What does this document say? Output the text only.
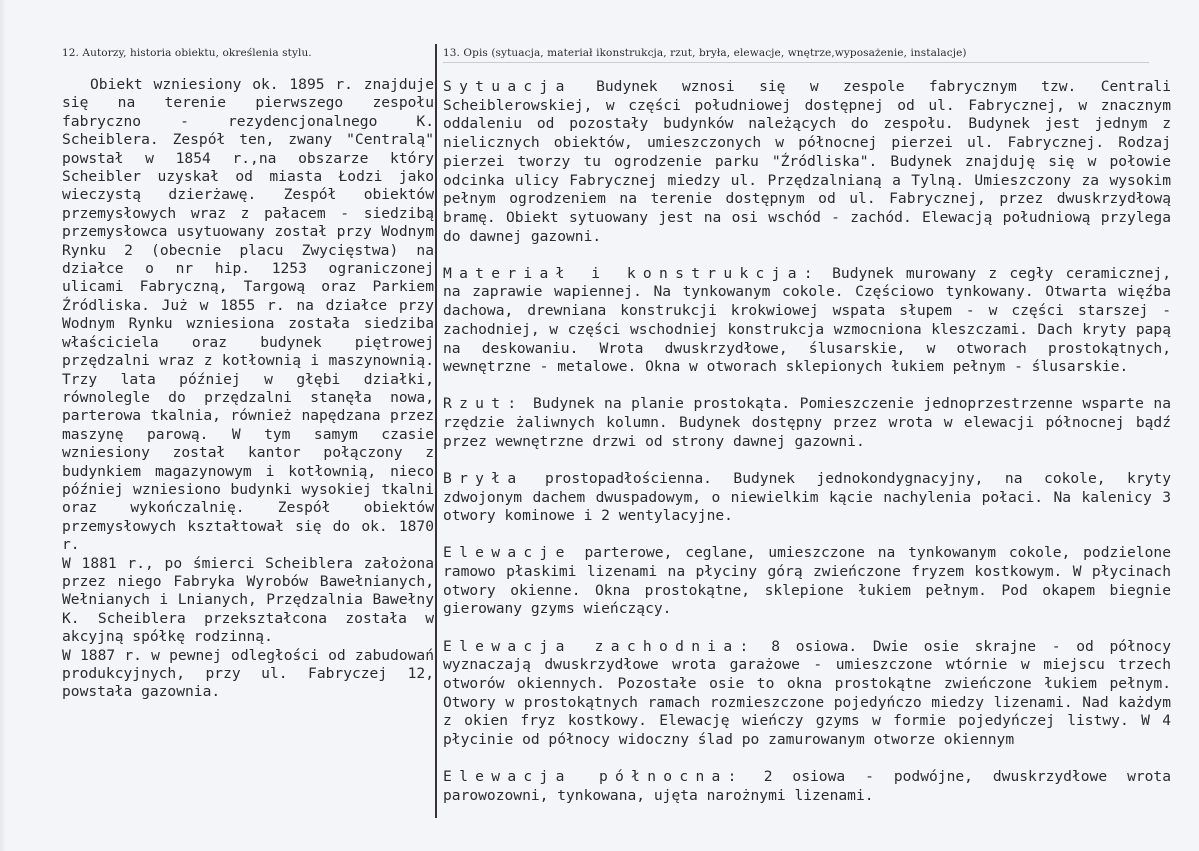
12. Autorzy, historia obiektu, określenia stylu.	13. Opis (sytuacja, materiał ikonstrukcja, rzut, bryła, elewacje, wnętrze,wyposażenie, instalacje)

Obiekt wzniesiony ok. 1895 r. znajduje się na terenie pierwszego zespołu fabryczno - rezydencjonalnego K. Scheiblera. Zespół ten, zwany "Centralą" powstał w 1854 r.,na obszarze który Scheibler uzyskał od miasta Łodzi jako wieczystą dzierżawę. Zespół obiektów przemysłowych wraz z pałacem - siedzibą przemysłowca usytuowany został przy Wodnym Rynku 2 (obecnie placu Zwycięstwa) na działce o nr hip. 1253 ograniczonej ulicami Fabryczną, Targową oraz Parkiem Źródliska. Już w 1855 r. na działce przy Wodnym Rynku wzniesiona została siedziba właściciela oraz budynek piętrowej przędzalni wraz z kotłownią i maszynownią. Trzy lata później w głębi działki, równolegle do przędzalni stanęła nowa, parterowa tkalnia, również napędzana przez maszynę parową. W tym samym czasie wzniesiony został kantor połączony z budynkiem magazynowym i kotłownią, nieco później wzniesiono budynki wysokiej tkalni oraz wykończalnię. Zespół obiektów przemysłowych kształtował się do ok. 1870 r.

W 1881 r., po śmierci Scheiblera założona przez niego Fabryka Wyrobów Bawełnianych, Wełnianych i Lnianych, Przędzalnia Bawełny K. Scheiblera przekształcona została w akcyjną spółkę rodzinną.

W 1887 r. w pewnej odległości od zabudowań produkcyjnych, przy ul. Fabryczej 12, powstała gazownia.

Sytuacja Budynek wznosi się w zespole fabrycznym tzw. Centrali Scheiblerowskiej, w części południowej dostępnej od ul. Fabrycznej, w znacznym oddaleniu od pozostały budynków należących do zespołu. Budynek jest jednym z nielicznych obiektów, umieszczonych w północnej pierzei ul. Fabrycznej. Rodzaj pierzei tworzy tu ogrodzenie parku "Źródliska". Budynek znajduję się w połowie odcinka ulicy Fabrycznej miedzy ul. Przędzalnianą a Tylną. Umieszczony za wysokim pełnym ogrodzeniem na terenie dostępnym od ul. Fabrycznej, przez dwuskrzydłową bramę. Obiekt sytuowany jest na osi wschód - zachód. Elewacją południową przylega do dawnej gazowni.

Materiał i konstrukcja: Budynek murowany z cegły ceramicznej, na zaprawie wapiennej. Na tynkowanym cokole. Częściowo tynkowany. Otwarta więźba dachowa, drewniana konstrukcji krokwiowej wspata słupem - w części starszej - zachodniej, w części wschodniej konstrukcja wzmocniona kleszczami. Dach kryty papą na deskowaniu. Wrota dwuskrzydłowe, ślusarskie, w otworach prostokątnych, wewnętrzne - metalowe. Okna w otworach sklepionych łukiem pełnym - ślusarskie.

Rzut: Budynek na planie prostokąta. Pomieszczenie jednoprzestrzenne wsparte na rzędzie żaliwnych kolumn. Budynek dostępny przez wrota w elewacji północnej bądź przez wewnętrzne drzwi od strony dawnej gazowni.

Bryła prostopadłościenna. Budynek jednokondygnacyjny, na cokole, kryty zdwojonym dachem dwuspadowym, o niewielkim kącie nachylenia połaci. Na kalenicy 3 otwory kominowe i 2 wentylacyjne.

Elewacje parterowe, ceglane, umieszczone na tynkowanym cokole, podzielone ramowo płaskimi lizenami na płyciny górą zwieńczone fryzem kostkowym. W płycinach otwory okienne. Okna prostokątne, sklepione łukiem pełnym. Pod okapem biegnie gierowany gzyms wieńczący.

Elewacja zachodnia: 8 osiowa. Dwie osie skrajne - od północy wyznaczają dwuskrzydłowe wrota garażowe - umieszczone wtórnie w miejscu trzech otworów okiennych. Pozostałe osie to okna prostokątne zwieńczone łukiem pełnym. Otwory w prostokątnych ramach rozmieszczone pojedyńczo miedzy lizenami. Nad każdym z okien fryz kostkowy. Elewację wieńczy gzyms w formie pojedyńczej listwy. W 4 płycinie od północy widoczny ślad po zamurowanym otworze okiennym

Elewacja północna: 2 osiowa - podwójne, dwuskrzydłowe wrota parowozowni, tynkowana, ujęta narożnymi lizenami.
